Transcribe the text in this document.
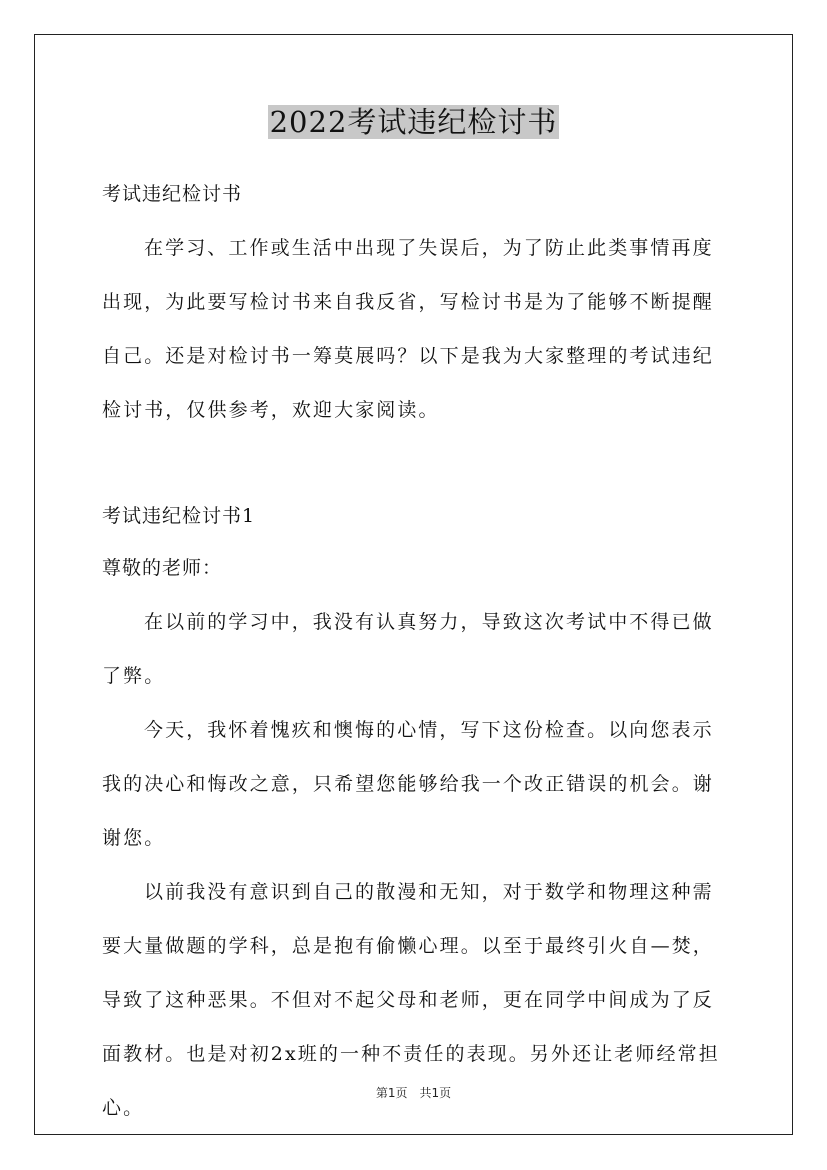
2022考试违纪检讨书

考试违纪检讨书

在学习、工作或生活中出现了失误后，为了防止此类事情再度出现，为此要写检讨书来自我反省，写检讨书是为了能够不断提醒自己。还是对检讨书一筹莫展吗？以下是我为大家整理的考试违纪检讨书，仅供参考，欢迎大家阅读。

考试违纪检讨书1

尊敬的老师：

在以前的学习中，我没有认真努力，导致这次考试中不得已做了弊。

今天，我怀着愧疚和懊悔的心情，写下这份检查。以向您表示我的决心和悔改之意，只希望您能够给我一个改正错误的机会。谢谢您。

以前我没有意识到自己的散漫和无知，对于数学和物理这种需要大量做题的学科，总是抱有偷懒心理。以至于最终引火自—焚，导致了这种恶果。不但对不起父母和老师，更在同学中间成为了反面教材。也是对初2x班的一种不责任的表现。另外还让老师经常担心。

第1页　共1页
